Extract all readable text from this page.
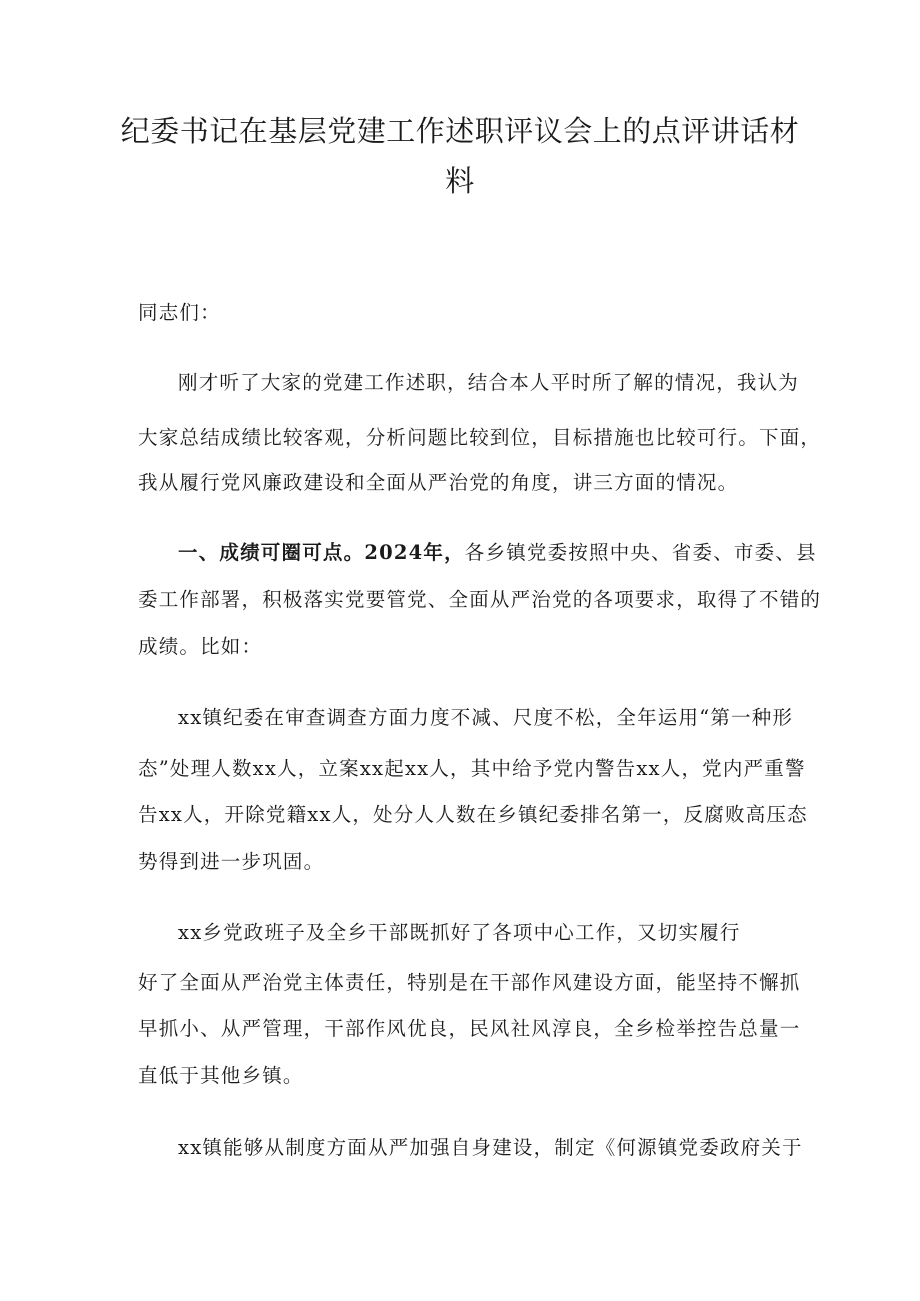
纪委书记在基层党建工作述职评议会上的点评讲话材
料
同志们：
刚才听了大家的党建工作述职，结合本人平时所了解的情况，我认为
大家总结成绩比较客观，分析问题比较到位，目标措施也比较可行。下面，
我从履行党风廉政建设和全面从严治党的角度，讲三方面的情况。
一、成绩可圈可点。2024年，各乡镇党委按照中央、省委、市委、县
委工作部署，积极落实党要管党、全面从严治党的各项要求，取得了不错的
成绩。比如：
xx镇纪委在审查调查方面力度不减、尺度不松，全年运用“第一种形
态”处理人数xx人，立案xx起xx人，其中给予党内警告xx人，党内严重警
告xx人，开除党籍xx人，处分人人数在乡镇纪委排名第一，反腐败高压态
势得到进一步巩固。
xx乡党政班子及全乡干部既抓好了各项中心工作，又切实履行
好了全面从严治党主体责任，特别是在干部作风建设方面，能坚持不懈抓
早抓小、从严管理，干部作风优良，民风社风淳良，全乡检举控告总量一
直低于其他乡镇。
xx镇能够从制度方面从严加强自身建设，制定《何源镇党委政府关于
